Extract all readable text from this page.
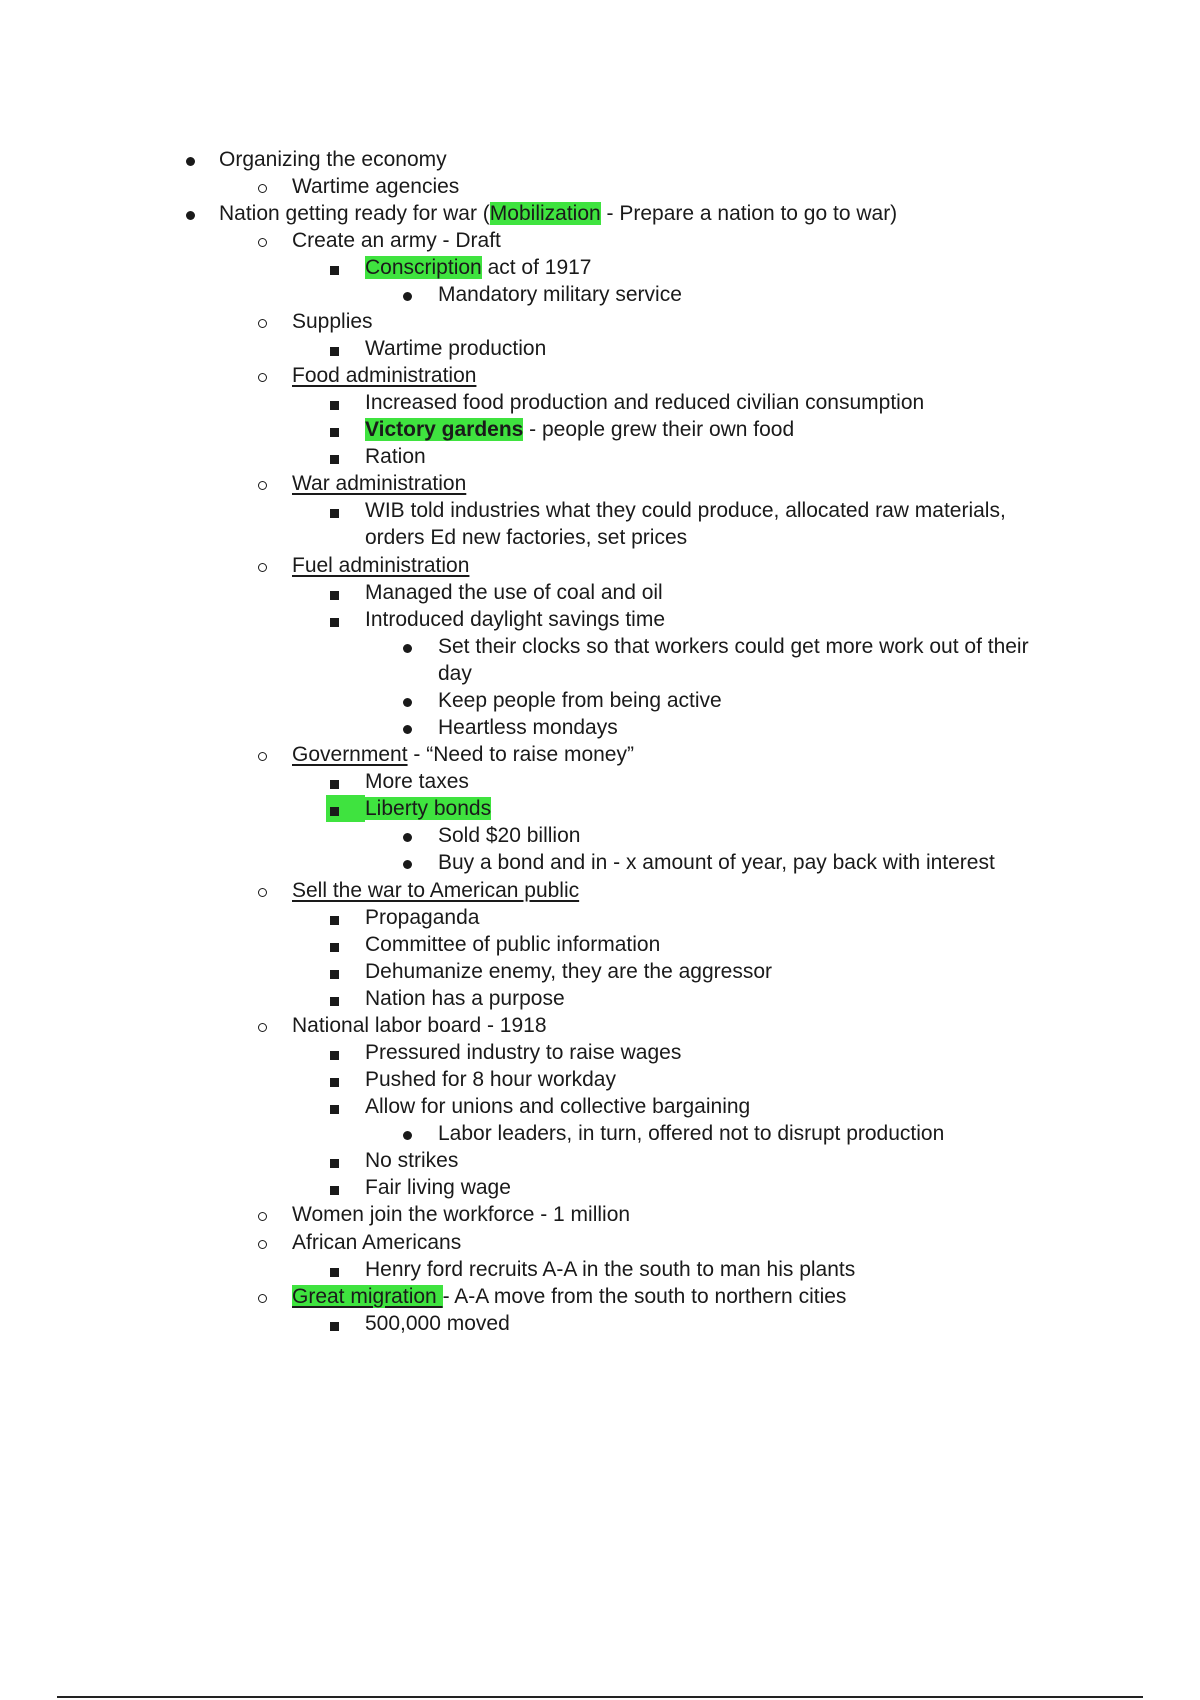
Organizing the economy
Wartime agencies
Nation getting ready for war (Mobilization - Prepare a nation to go to war)
Create an army - Draft
Conscription act of 1917
Mandatory military service
Supplies
Wartime production
Food administration
Increased food production and reduced civilian consumption
Victory gardens - people grew their own food
Ration
War administration
WIB told industries what they could produce, allocated raw materials,
orders Ed new factories, set prices
Fuel administration
Managed the use of coal and oil
Introduced daylight savings time
Set their clocks so that workers could get more work out of their
day
Keep people from being active
Heartless mondays
Government - “Need to raise money”
More taxes
Liberty bonds
Sold $20 billion
Buy a bond and in - x amount of year, pay back with interest
Sell the war to American public
Propaganda
Committee of public information
Dehumanize enemy, they are the aggressor
Nation has a purpose
National labor board - 1918
Pressured industry to raise wages
Pushed for 8 hour workday
Allow for unions and collective bargaining
Labor leaders, in turn, offered not to disrupt production
No strikes
Fair living wage
Women join the workforce - 1 million
African Americans
Henry ford recruits A-A in the south to man his plants
Great migration - A-A move from the south to northern cities
500,000 moved
